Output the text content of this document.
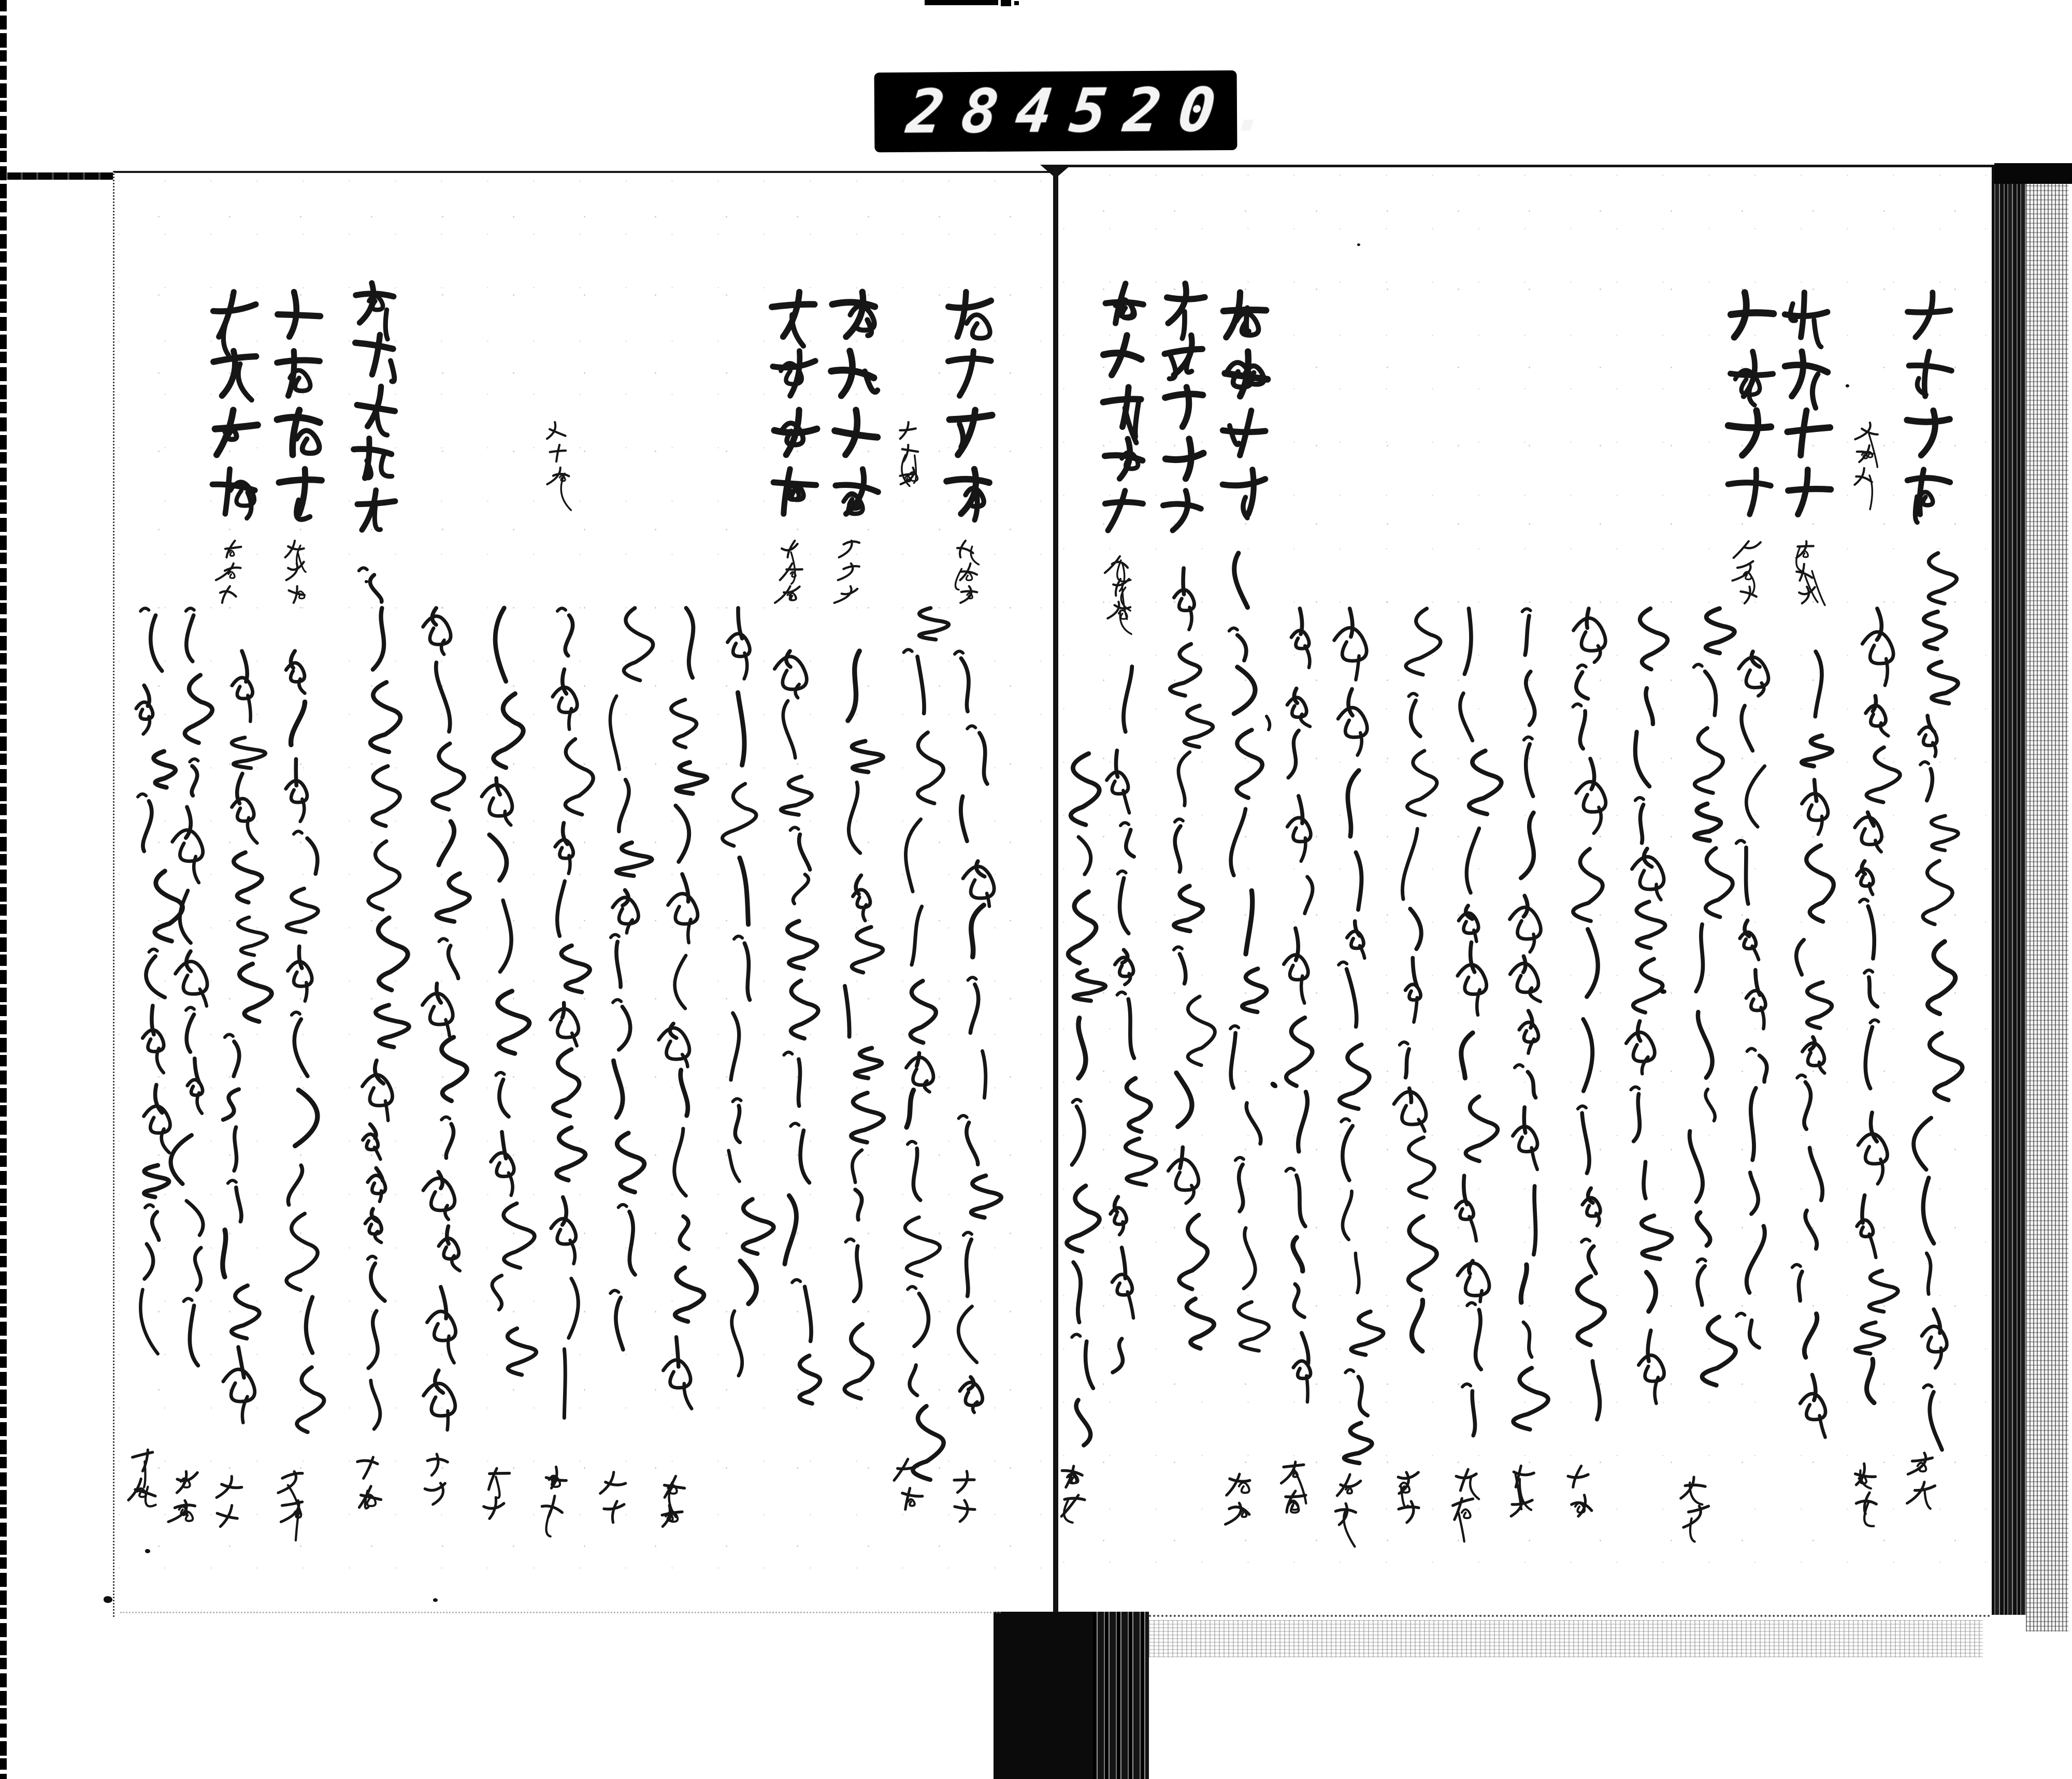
284
520.
